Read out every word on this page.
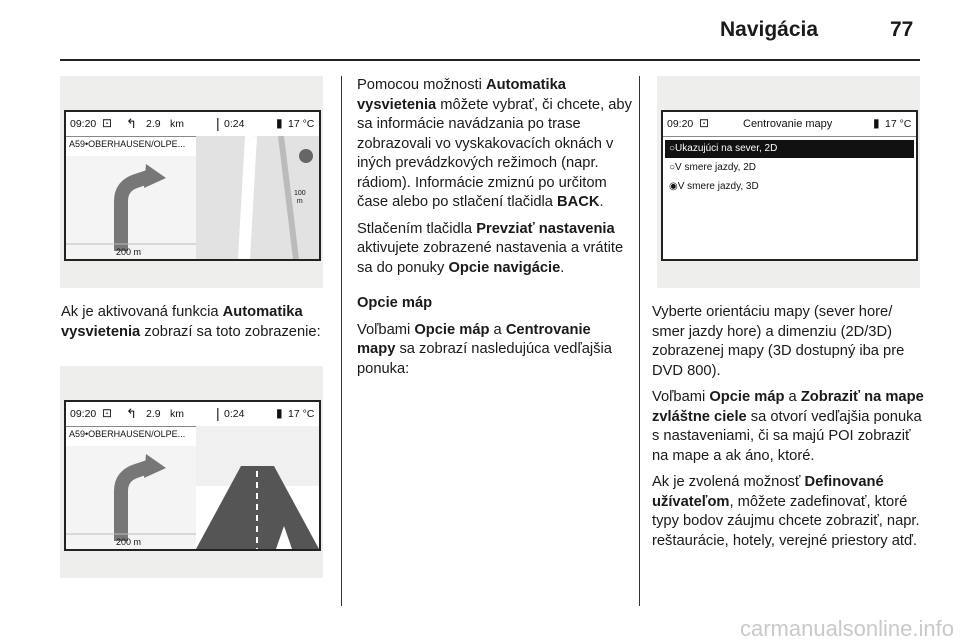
Navigácia	77
09:20 ⊡ ↰ 2.9 km | 0:24	▮ 17 °C
A59•OBERHAUSEN/OLPE...
200 m
100
m

Ak je aktivovaná funkcia Automatika vysvietenia zobrazí sa toto zobrazenie:

09:20 ⊡ ↰ 2.9 km | 0:24	▮ 17 °C
A59•OBERHAUSEN/OLPE...
200 m

Pomocou možnosti Automatika vysvietenia môžete vybrať, či chcete, aby sa informácie navádzania po trase zobrazovali vo vyskakovacích oknách v iných prevádzkových režimoch (napr. rádiom). Informácie zmiznú po určitom čase alebo po stlačení tlačidla BACK.

Stlačením tlačidla Prevziať nastavenia aktivujete zobrazené nastavenia a vrátite sa do ponuky Opcie navigácie.

Opcie máp

Voľbami Opcie máp a Centrovanie mapy sa zobrazí nasledujúca vedľajšia ponuka:

09:20 ⊡	Centrovanie mapy	▮ 17 °C
○Ukazujúci na sever, 2D
○V smere jazdy, 2D
◉V smere jazdy, 3D

Vyberte orientáciu mapy (sever hore/ smer jazdy hore) a dimenziu (2D/3D) zobrazenej mapy (3D dostupný iba pre DVD 800).

Voľbami Opcie máp a Zobraziť na mape zvláštne ciele sa otvorí vedľajšia ponuka s nastaveniami, či sa majú POI zobraziť na mape a ak áno, ktoré.

Ak je zvolená možnosť Definované užívateľom, môžete zadefinovať, ktoré typy bodov záujmu chcete zobraziť, napr. reštaurácie, hotely, verejné priestory atď.

carmanualsonline.info
